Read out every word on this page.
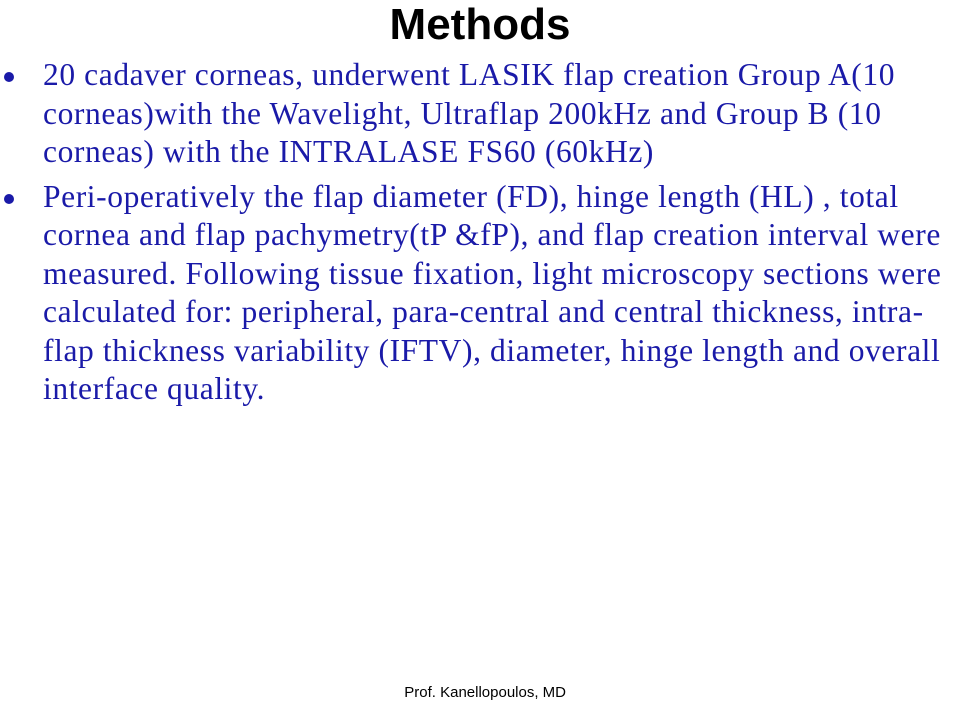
Methods
20 cadaver corneas, underwent LASIK flap creation Group A(10 corneas)with the Wavelight, Ultraflap 200kHz and Group B (10 corneas) with the INTRALASE FS60 (60kHz)
Peri-operatively the flap diameter (FD), hinge length (HL) , total cornea and flap pachymetry(tP &fP), and flap creation interval were measured. Following tissue fixation, light microscopy sections were calculated for: peripheral, para-central and central thickness, intra-flap thickness variability (IFTV), diameter, hinge length and overall interface quality.
Prof. Kanellopoulos, MD
